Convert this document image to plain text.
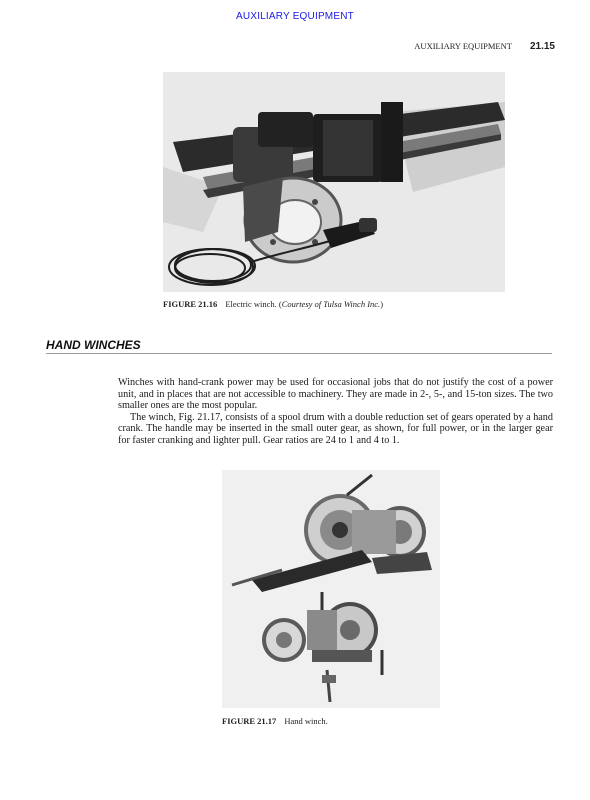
AUXILIARY EQUIPMENT
AUXILIARY EQUIPMENT 21.15
FIGURE 21.16 Electric winch. (Courtesy of Tulsa Winch Inc.)
HAND WINCHES

Winches with hand-crank power may be used for occasional jobs that do not justify the cost of a power unit, and in places that are not accessible to machinery. They are made in 2-, 5-, and 15-ton sizes. The two smaller ones are the most popular.

The winch, Fig. 21.17, consists of a spool drum with a double reduction set of gears operated by a hand crank. The handle may be inserted in the small outer gear, as shown, for full power, or in the larger gear for faster cranking and lighter pull. Gear ratios are 24 to 1 and 4 to 1.

FIGURE 21.17 Hand winch.
